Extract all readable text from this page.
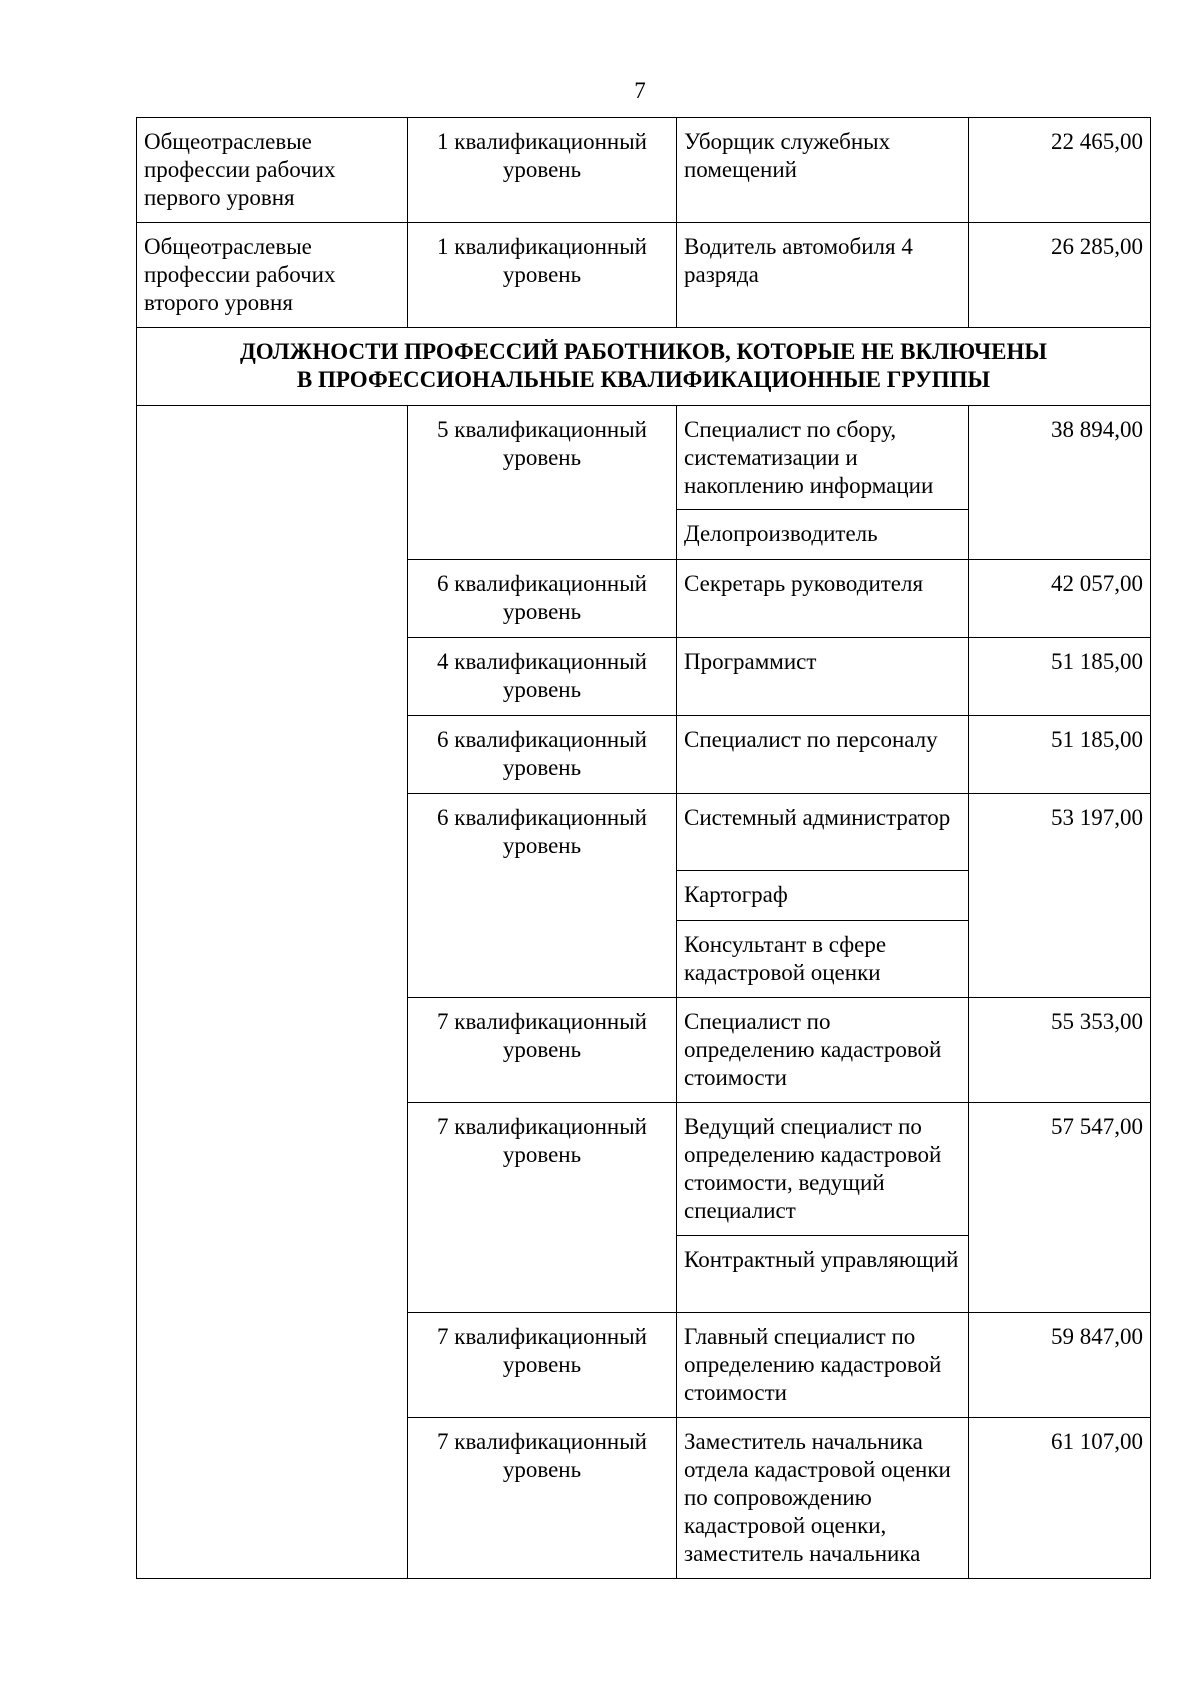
7
Общеотраслевые профессии рабочих первого уровня	1 квалификационный уровень	Уборщик служебных помещений	22 465,00
Общеотраслевые профессии рабочих второго уровня	1 квалификационный уровень	Водитель автомобиля 4 разряда	26 285,00

ДОЛЖНОСТИ ПРОФЕССИЙ РАБОТНИКОВ, КОТОРЫЕ НЕ ВКЛЮЧЕНЫ
В ПРОФЕССИОНАЛЬНЫЕ КВАЛИФИКАЦИОННЫЕ ГРУППЫ			

	5 квалификационный уровень	Специалист по сбору, систематизации и накоплению информации	38 894,00
		Делопроизводитель	
	6 квалификационный уровень	Секретарь руководителя	42 057,00
	4 квалификационный уровень	Программист	51 185,00
	6 квалификационный уровень	Специалист по персоналу	51 185,00
	6 квалификационный уровень	Системный администратор	53 197,00
		Картограф	
		Консультант в сфере кадастровой оценки	
	7 квалификационный уровень	Специалист по определению кадастровой стоимости	55 353,00
	7 квалификационный уровень	Ведущий специалист по определению кадастровой стоимости, ведущий специалист	57 547,00
		Контрактный управляющий	
	7 квалификационный уровень	Главный специалист по определению кадастровой стоимости	59 847,00
	7 квалификационный уровень	Заместитель начальника отдела кадастровой оценки по сопровождению кадастровой оценки, заместитель начальника	61 107,00
